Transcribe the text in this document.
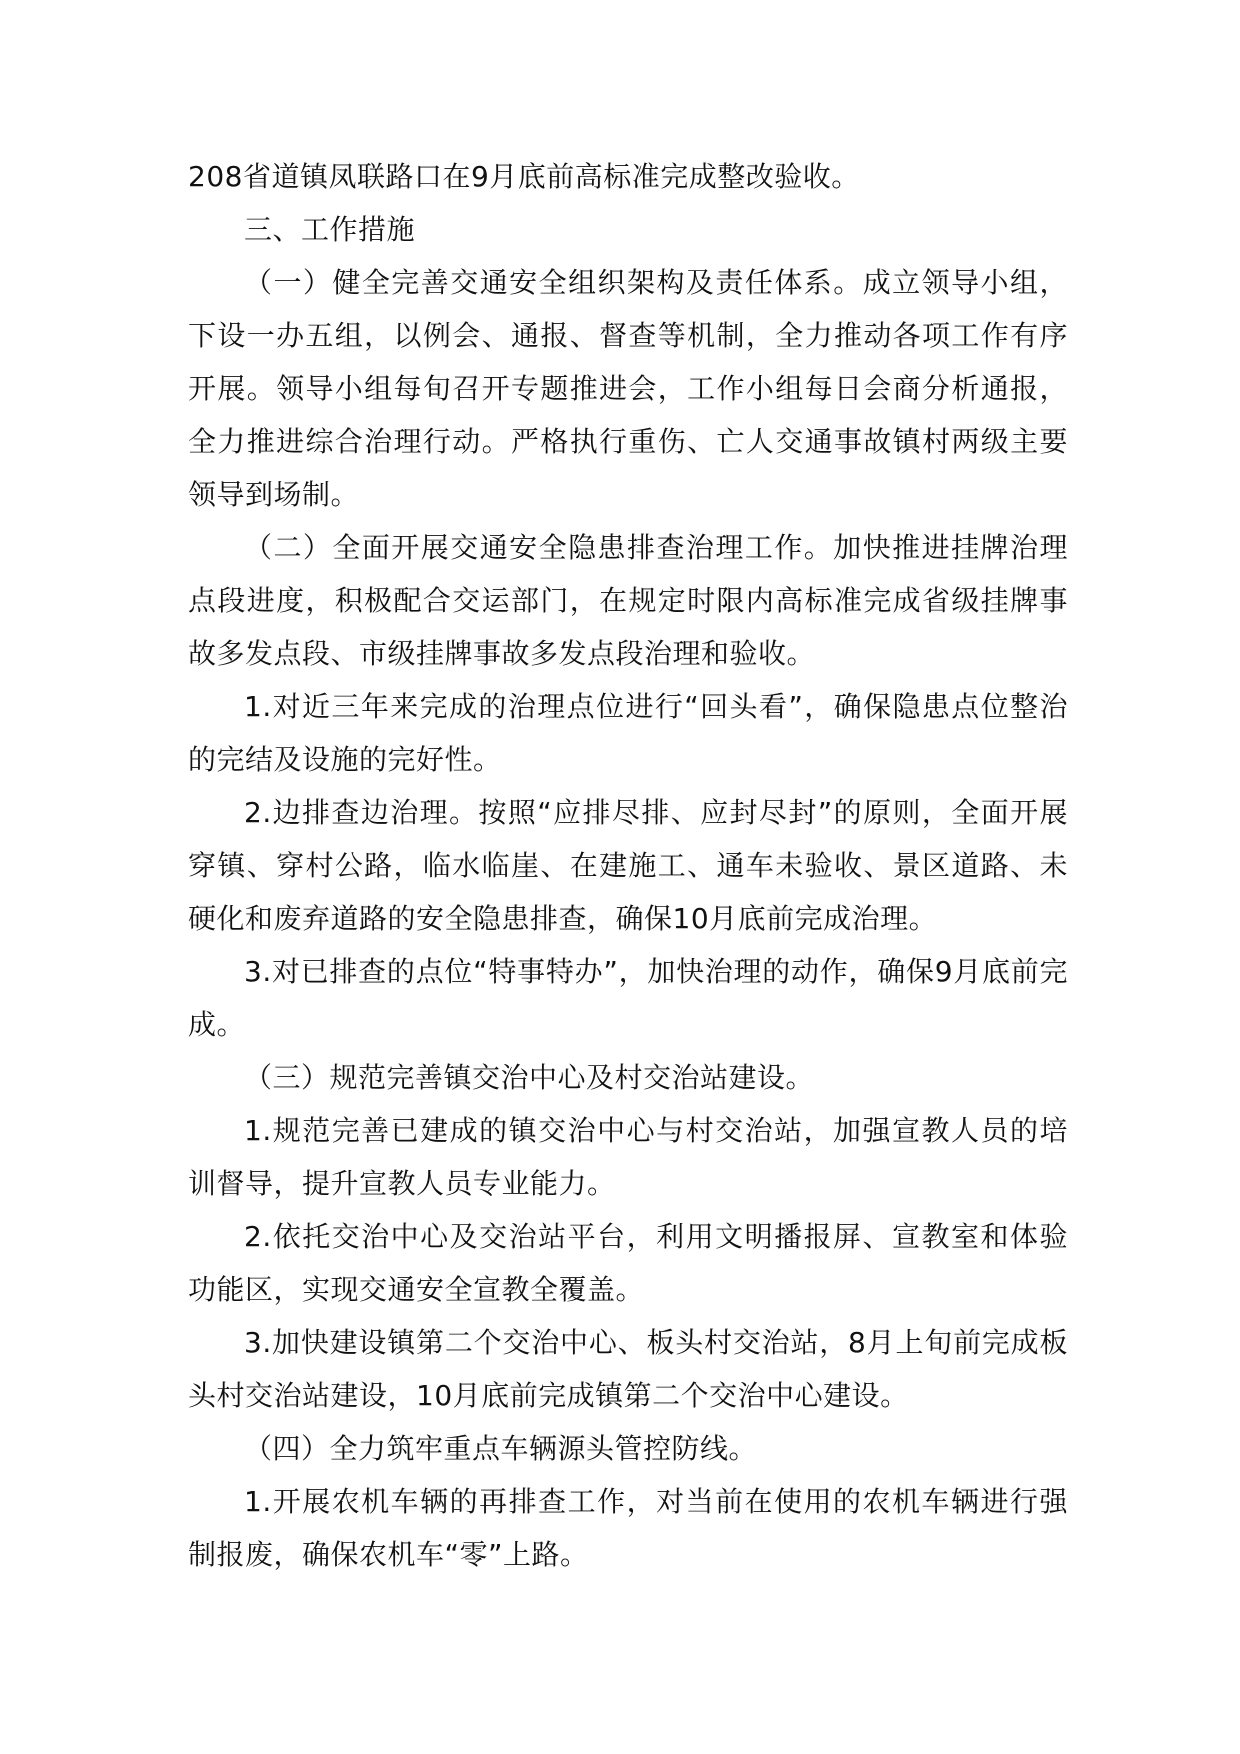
208省道镇凤联路口在9月底前高标准完成整改验收。

三、工作措施

（一）健全完善交通安全组织架构及责任体系。成立领导小组，下设一办五组，以例会、通报、督查等机制，全力推动各项工作有序开展。领导小组每旬召开专题推进会，工作小组每日会商分析通报，全力推进综合治理行动。严格执行重伤、亡人交通事故镇村两级主要领导到场制。

（二）全面开展交通安全隐患排查治理工作。加快推进挂牌治理点段进度，积极配合交运部门，在规定时限内高标准完成省级挂牌事故多发点段、市级挂牌事故多发点段治理和验收。

1.对近三年来完成的治理点位进行“回头看”，确保隐患点位整治的完结及设施的完好性。

2.边排查边治理。按照“应排尽排、应封尽封”的原则，全面开展穿镇、穿村公路，临水临崖、在建施工、通车未验收、景区道路、未硬化和废弃道路的安全隐患排查，确保10月底前完成治理。

3.对已排查的点位“特事特办”，加快治理的动作，确保9月底前完成。

（三）规范完善镇交治中心及村交治站建设。

1.规范完善已建成的镇交治中心与村交治站，加强宣教人员的培训督导，提升宣教人员专业能力。

2.依托交治中心及交治站平台，利用文明播报屏、宣教室和体验功能区，实现交通安全宣教全覆盖。

3.加快建设镇第二个交治中心、板头村交治站，8月上旬前完成板头村交治站建设，10月底前完成镇第二个交治中心建设。

（四）全力筑牢重点车辆源头管控防线。

1.开展农机车辆的再排查工作，对当前在使用的农机车辆进行强制报废，确保农机车“零”上路。
